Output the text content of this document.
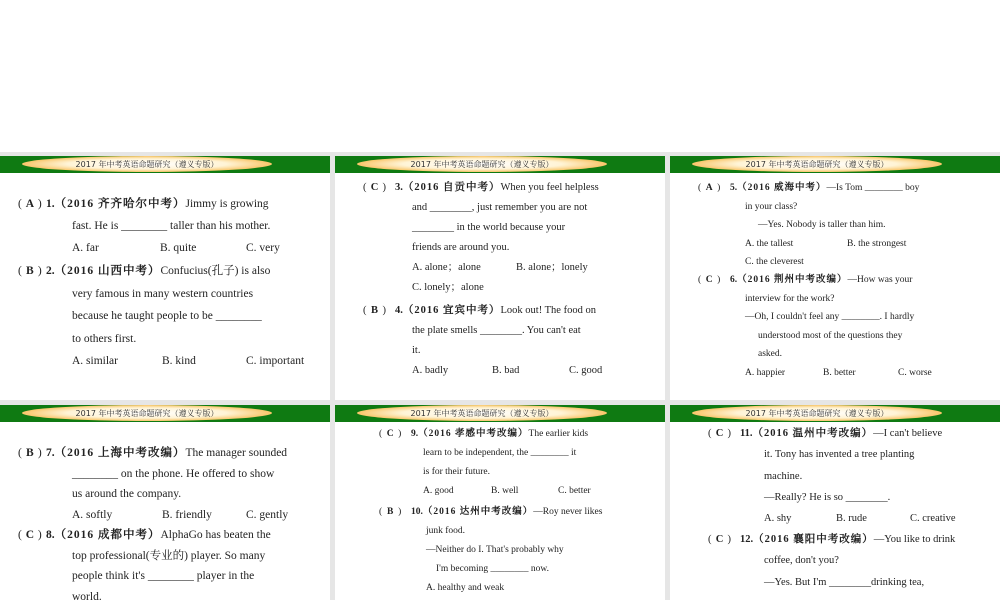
2017 年中考英语命题研究（遵义专版）
( A ) 1.（2016 齐齐哈尔中考）Jimmy is growing
fast. He is ________ taller than his mother.
A. far	B. quite	C. very
( B ) 2.（2016 山西中考）Confucius(孔子) is also
very famous in many western countries
because he taught people to be ________
to others first.
A. similar	B. kind	C. important
2017 年中考英语命题研究（遵义专版）
( C ) 3.（2016 自贡中考）When you feel helpless
and ________, just remember you are not
________ in the world because your
friends are around you.
A. alone；alone	B. alone；lonely
C. lonely；alone
( B ) 4.（2016 宜宾中考）Look out! The food on
the plate smells ________. You can't eat
it.
A. badly	B. bad	C. good
2017 年中考英语命题研究（遵义专版）
( A ) 5.（2016 威海中考）—Is Tom ________ boy
in your class?
—Yes. Nobody is taller than him.
A. the tallest	B. the strongest
C. the cleverest
( C ) 6.（2016 荆州中考改编）—How was your
interview for the work?
—Oh, I couldn't feel any ________. I hardly
understood most of the questions they
asked.
A. happier	B. better	C. worse
2017 年中考英语命题研究（遵义专版）
( B ) 7.（2016 上海中考改编）The manager sounded
________ on the phone. He offered to show
us around the company.
A. softly	B. friendly	C. gently
( C ) 8.（2016 成都中考）AlphaGo has beaten the
top professional(专业的) player. So many
people think it's ________ player in the
world.
2017 年中考英语命题研究（遵义专版）
( C ) 9.（2016 孝感中考改编）The earlier kids
learn to be independent, the ________ it
is for their future.
A. good	B. well	C. better
( B ) 10.（2016 达州中考改编）—Roy never likes
junk food.
—Neither do I. That's probably why
I'm becoming ________ now.
A. healthy and weak
2017 年中考英语命题研究（遵义专版）
( C ) 11.（2016 温州中考改编）—I can't believe
it. Tony has invented a tree planting
machine.
—Really? He is so ________.
A. shy	B. rude	C. creative
( C ) 12.（2016 襄阳中考改编）—You like to drink
coffee, don't you?
—Yes. But I'm ________drinking tea,
